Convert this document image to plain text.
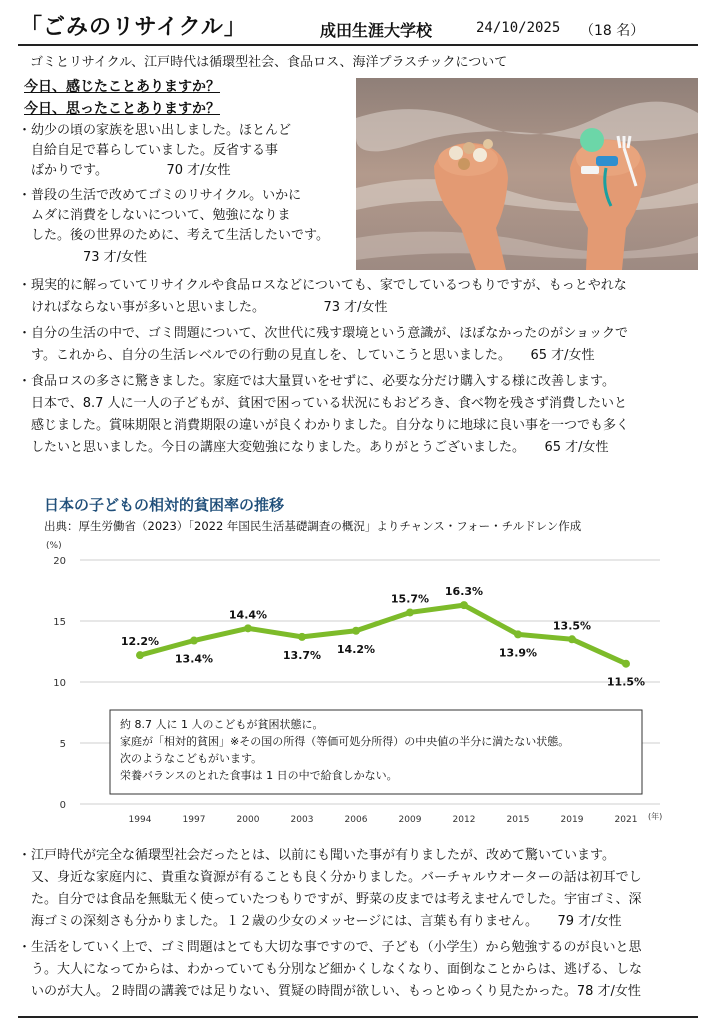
「ごみのリサイクル」	成田生涯大学校	24/10/2025 （18 名）
ゴミとリサイクル、江戸時代は循環型社会、食品ロス、海洋プラスチックについて
今日、感じたことありますか？
今日、思ったことありますか？
・幼少の頃の家族を思い出しました。ほとんど
　自給自足で暮らしていました。反省する事
　ばかりです。　　　　　70 才/女性
・普段の生活で改めてゴミのリサイクル。いかに
　ムダに消費をしないについて、勉強になりま
　した。後の世界のために、考えて生活したいです。
　　　　　73 才/女性
・現実的に解っていてリサイクルや食品ロスなどについても、家でしているつもりですが、もっとやれな
　ければならない事が多いと思いました。　　　　　73 才/女性
・自分の生活の中で、ゴミ問題について、次世代に残す環境という意識が、ほぼなかったのがショックで
　す。これから、自分の生活レベルでの行動の見直しを、していこうと思いました。　　65 才/女性
・食品ロスの多さに驚きました。家庭では大量買いをせずに、必要な分だけ購入する様に改善します。
　日本で、8.7 人に一人の子どもが、貧困で困っている状況にもおどろき、食べ物を残さず消費したいと
　感じました。賞味期限と消費期限の違いが良くわかりました。自分なりに地球に良い事を一つでも多く
　したいと思いました。今日の講座大変勉強になりました。ありがとうございました。　　65 才/女性
日本の子どもの相対的貧困率の推移
出典：厚生労働省（2023）「2022 年国民生活基礎調査の概況」よりチャンス・フォー・チルドレン作成
0
5
10
15
20
1994	1997	2000	2003	2006	2009	2012	2015	2019	2021
(%)
(年)
12.2%
13.4%
14.4%
13.7% 14.2%
15.7%
16.3%
13.9%
13.5%
11.5%
約 8.7 人に 1 人のこどもが貧困状態に。
家庭が「相対的貧困」※その国の所得（等価可処分所得）の中央値の半分に満たない状態。
次のようなこどもがいます。
栄養バランスのとれた食事は 1 日の中で給食しかない。
・江戸時代が完全な循環型社会だったとは、以前にも聞いた事が有りましたが、改めて驚いています。
　又、身近な家庭内に、貴重な資源が有ることも良く分かりました。バーチャルウオーターの話は初耳でし
　た。自分では食品を無駄无く使っていたつもりですが、野菜の皮までは考えませんでした。宇宙ゴミ、深
　海ゴミの深刻さも分かりました。１２歳の少女のメッセージには、言葉も有りません。　　79 才/女性
・生活をしていく上で、ゴミ問題はとても大切な事ですので、子ども（小学生）から勉強するのが良いと思
　う。大人になってからは、わかっていても分別など細かくしなくなり、面倒なことからは、逃げる、しな
　いのが大人。２時間の講義では足りない、質疑の時間が欲しい、もっとゆっくり見たかった。78 才/女性
